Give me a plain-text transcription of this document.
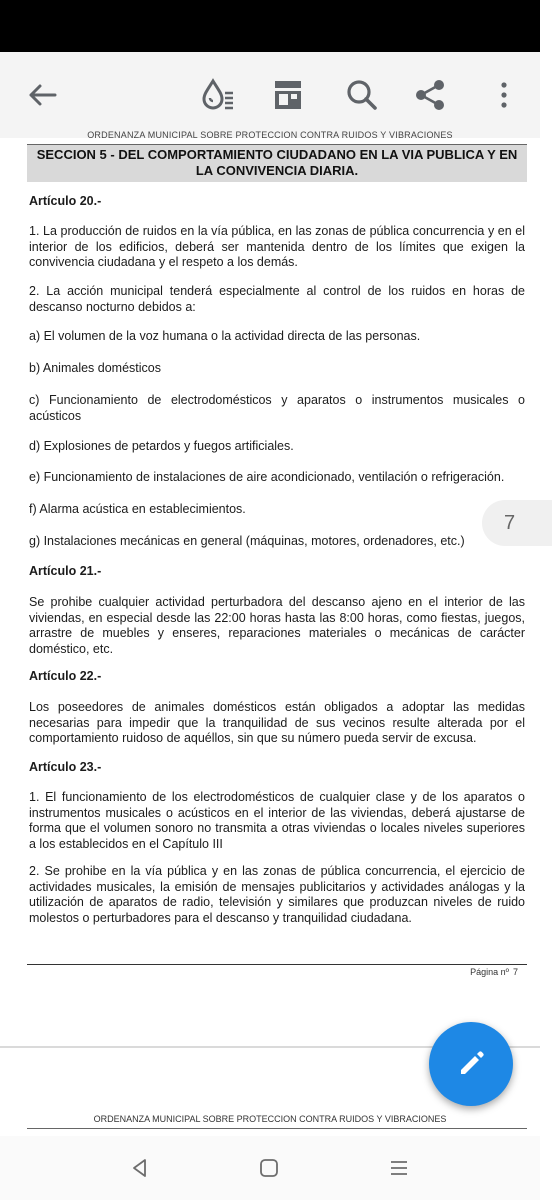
ORDENANZA MUNICIPAL SOBRE PROTECCION CONTRA RUIDOS Y VIBRACIONES
SECCION 5 - DEL COMPORTAMIENTO CIUDADANO EN LA VIA PUBLICA Y EN
LA CONVIVENCIA DIARIA.
Artículo 20.-
1. La producción de ruidos en la vía pública, en las zonas de pública concurrencia y en el interior de los edificios, deberá ser mantenida dentro de los límites que exigen la convivencia ciudadana y el respeto a los demás.
2. La acción municipal tenderá especialmente al control de los ruidos en horas de descanso nocturno debidos a:
a) El volumen de la voz humana o la actividad directa de las personas.
b) Animales domésticos
c) Funcionamiento de electrodomésticos y aparatos o instrumentos musicales o acústicos
d) Explosiones de petardos y fuegos artificiales.
e) Funcionamiento de instalaciones de aire acondicionado, ventilación o refrigeración.
f) Alarma acústica en establecimientos.
g) Instalaciones mecánicas en general (máquinas, motores, ordenadores, etc.)
Artículo 21.-
Se prohibe cualquier actividad perturbadora del descanso ajeno en el interior de las viviendas, en especial desde las 22:00 horas hasta las 8:00 horas, como fiestas, juegos, arrastre de muebles y enseres, reparaciones materiales o mecánicas de carácter doméstico, etc.
Artículo 22.-
Los poseedores de animales domésticos están obligados a adoptar las medidas necesarias para impedir que la tranquilidad de sus vecinos resulte alterada por el comportamiento ruidoso de aquéllos, sin que su número pueda servir de excusa.
Artículo 23.-
1. El funcionamiento de los electrodomésticos de cualquier clase y de los aparatos o instrumentos musicales o acústicos en el interior de las viviendas, deberá ajustarse de forma que el volumen sonoro no transmita a otras viviendas o locales niveles superiores a los establecidos en el Capítulo III
2. Se prohibe en la vía pública y en las zonas de pública concurrencia, el ejercicio de actividades musicales, la emisión de mensajes publicitarios y actividades análogas y la utilización de aparatos de radio, televisión y similares que produzcan niveles de ruido molestos o perturbadores para el descanso y tranquilidad ciudadana.
Página nº 7
ORDENANZA MUNICIPAL SOBRE PROTECCION CONTRA RUIDOS Y VIBRACIONES
7
